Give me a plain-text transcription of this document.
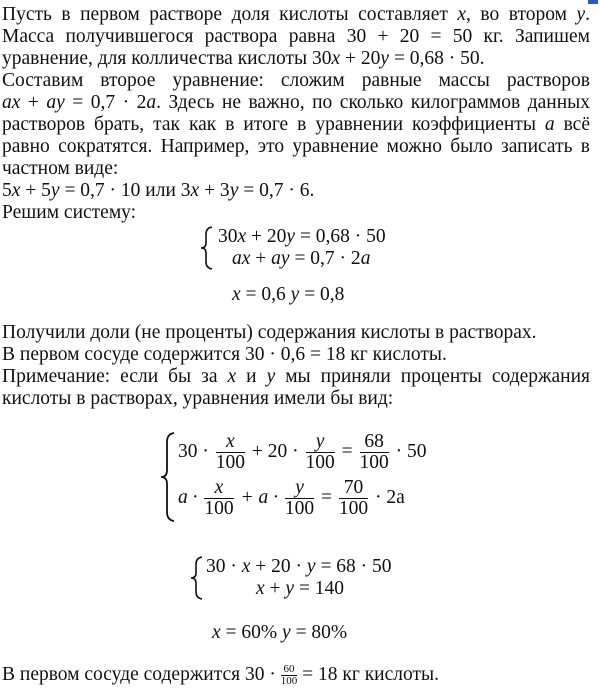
Пусть в первом растворе доля кислоты составляет x, во втором y.
Масса получившегося раствора равна 30 + 20 = 50 кг. Запишем
уравнение, для колличества кислоты 30x + 20y = 0,68 · 50.
Составим второе уравнение: сложим равные массы растворов
ax + ay = 0,7 · 2a. Здесь не важно, по сколько килограммов данных
растворов брать, так как в итоге в уравнении коэффициенты a всё
равно сократятся. Например, это уравнение можно было записать в
частном виде:
5x + 5y = 0,7 · 10 или 3x + 3y = 0,7 · 6.
Решим систему:
30x + 20y = 0,68 · 50
ax + ay = 0,7 · 2a
x = 0,6 y = 0,8
Получили доли (не проценты) содержания кислоты в растворах.
В первом сосуде содержится 30 · 0,6 = 18 кг кислоты.
Примечание: если бы за x и y мы приняли проценты содержания
кислоты в растворах, уравнения имели бы вид:
$30 \cdot \frac{x}{100} + 20 \cdot \frac{y}{100} = \frac{68}{100} \cdot 50$
$a \cdot \frac{x}{100} + a \cdot \frac{y}{100} = \frac{70}{100} \cdot 2a$
30 · x + 20 · y = 68 · 50
x + y = 140
x = 60% y = 80%
В первом сосуде содержится $30 \cdot \frac{60}{100} = 18$ кг кислоты.
